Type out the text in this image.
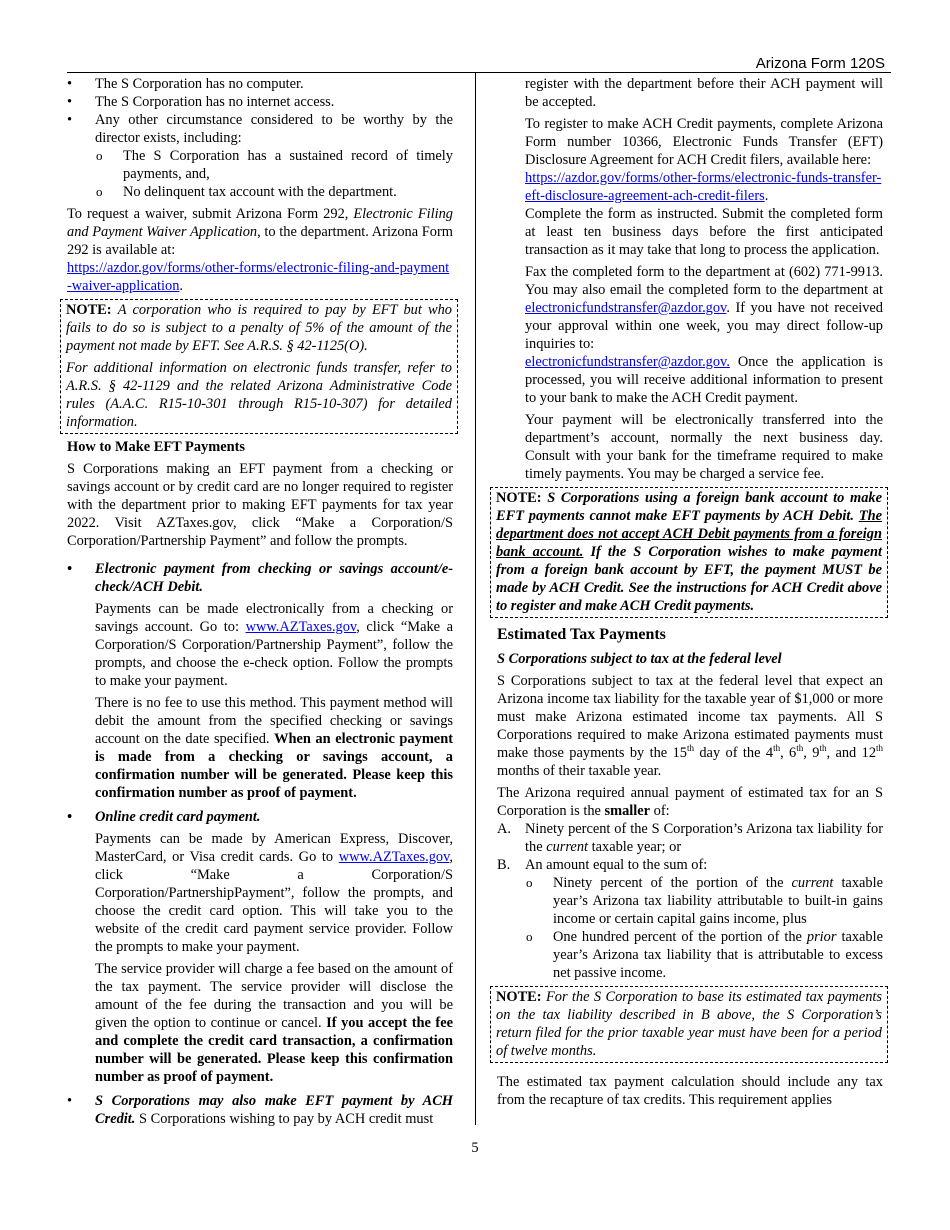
Arizona Form 120S

• The S Corporation has no computer.

• The S Corporation has no internet access.

• Any other circumstance considered to be worthy by the director exists, including:

o The S Corporation has a sustained record of timely payments, and,

o No delinquent tax account with the department.

To request a waiver, submit Arizona Form 292, Electronic Filing and Payment Waiver Application, to the department. Arizona Form 292 is available at:

https://azdor.gov/forms/other-forms/electronic-filing-and-payment-waiver-application.

NOTE: A corporation who is required to pay by EFT but who fails to do so is subject to a penalty of 5% of the amount of the payment not made by EFT. See A.R.S. § 42-1125(O).

For additional information on electronic funds transfer, refer to A.R.S. § 42-1129 and the related Arizona Administrative Code rules (A.A.C. R15-10-301 through R15-10-307) for detailed information.

How to Make EFT Payments

S Corporations making an EFT payment from a checking or savings account or by credit card are no longer required to register with the department prior to making EFT payments for tax year 2022. Visit AZTaxes.gov, click “Make a Corporation/S Corporation/Partnership Payment” and follow the prompts.

• Electronic payment from checking or savings account/e-check/ACH Debit.

Payments can be made electronically from a checking or savings account. Go to: www.AZTaxes.gov, click “Make a Corporation/S Corporation/Partnership Payment”, follow the prompts, and choose the e-check option. Follow the prompts to make your payment.

There is no fee to use this method. This payment method will debit the amount from the specified checking or savings account on the date specified. When an electronic payment is made from a checking or savings account, a confirmation number will be generated. Please keep this confirmation number as proof of payment.

• Online credit card payment.

Payments can be made by American Express, Discover, MasterCard, or Visa credit cards. Go to www.AZTaxes.gov, click “Make a Corporation/S Corporation/PartnershipPayment”, follow the prompts, and choose the credit card option. This will take you to the website of the credit card payment service provider. Follow the prompts to make your payment.

The service provider will charge a fee based on the amount of the tax payment. The service provider will disclose the amount of the fee during the transaction and you will be given the option to continue or cancel. If you accept the fee and complete the credit card transaction, a confirmation number will be generated. Please keep this confirmation number as proof of payment.

• S Corporations may also make EFT payment by ACH Credit. S Corporations wishing to pay by ACH credit must

register with the department before their ACH payment will be accepted.

To register to make ACH Credit payments, complete Arizona Form number 10366, Electronic Funds Transfer (EFT) Disclosure Agreement for ACH Credit filers, available here:

https://azdor.gov/forms/other-forms/electronic-funds-transfer-eft-disclosure-agreement-ach-credit-filers.

Complete the form as instructed. Submit the completed form at least ten business days before the first anticipated transaction as it may take that long to process the application.

Fax the completed form to the department at (602) 771-9913. You may also email the completed form to the department at electronicfundstransfer@azdor.gov. If you have not received your approval within one week, you may direct follow-up inquiries to:
electronicfundstransfer@azdor.gov. Once the application is processed, you will receive additional information to present to your bank to make the ACH Credit payment.

Your payment will be electronically transferred into the department’s account, normally the next business day. Consult with your bank for the timeframe required to make timely payments. You may be charged a service fee.

NOTE: S Corporations using a foreign bank account to make EFT payments cannot make EFT payments by ACH Debit. The department does not accept ACH Debit payments from a foreign bank account. If the S Corporation wishes to make payment from a foreign bank account by EFT, the payment MUST be made by ACH Credit. See the instructions for ACH Credit above to register and make ACH Credit payments.

Estimated Tax Payments

S Corporations subject to tax at the federal level

S Corporations subject to tax at the federal level that expect an Arizona income tax liability for the taxable year of $1,000 or more must make Arizona estimated income tax payments. All S Corporations required to make Arizona estimated payments must make those payments by the 15th day of the 4th, 6th, 9th, and 12th months of their taxable year.

The Arizona required annual payment of estimated tax for an S Corporation is the smaller of:

A. Ninety percent of the S Corporation’s Arizona tax liability for the current taxable year; or

B. An amount equal to the sum of:

o Ninety percent of the portion of the current taxable year’s Arizona tax liability attributable to built-in gains income or certain capital gains income, plus

o One hundred percent of the portion of the prior taxable year’s Arizona tax liability that is attributable to excess net passive income.

NOTE: For the S Corporation to base its estimated tax payments on the tax liability described in B above, the S Corporation’s return filed for the prior taxable year must have been for a period of twelve months.

The estimated tax payment calculation should include any tax from the recapture of tax credits. This requirement applies

5
